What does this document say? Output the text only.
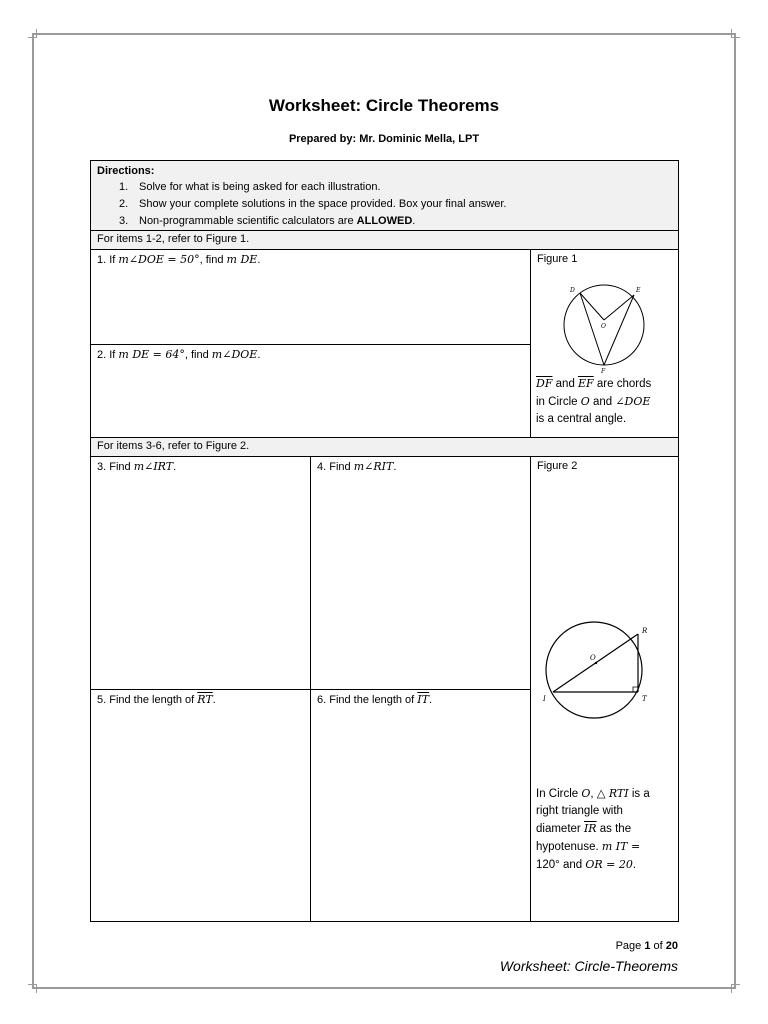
Worksheet: Circle Theorems
Prepared by: Mr. Dominic Mella, LPT
Directions:
1. Solve for what is being asked for each illustration.
2. Show your complete solutions in the space provided. Box your final answer.
3. Non-programmable scientific calculators are ALLOWED.
For items 1-2, refer to Figure 1.
1. If m∠DOE = 50°, find m DE.
2. If m DE = 64°, find m∠DOE.
Figure 1
D	E
O
F
$\overline{DF}$ and $\overline{EF}$ are chords
in Circle O and ∠DOE
is a central angle.
For items 3-6, refer to Figure 2.
3. Find m∠IRT.	4. Find m∠RIT.
5. Find the length of $\overline{RT}$.	6. Find the length of $\overline{IT}$.
Figure 2
O
R
I	T
In Circle O, △ RTI is a
right triangle with
diameter $\overline{IR}$ as the
hypotenuse. m IT =
120° and OR = 20.
Page 1 of 20
Worksheet: Circle-Theorems
